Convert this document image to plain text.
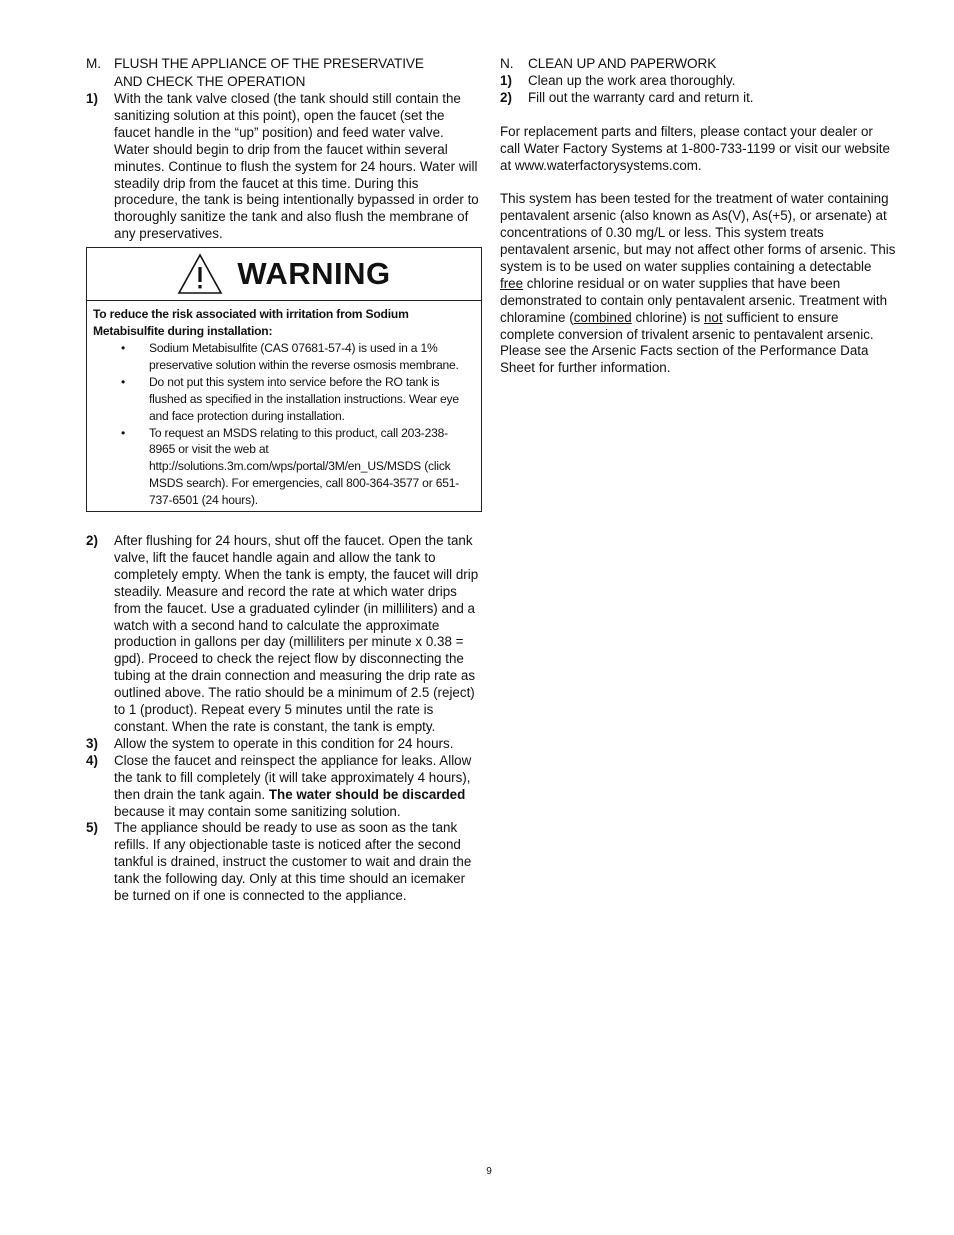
M. FLUSH THE APPLIANCE OF THE PRESERVATIVE
AND CHECK THE OPERATION
1) With the tank valve closed (the tank should still contain the sanitizing solution at this point), open the faucet (set the faucet handle in the “up” position) and feed water valve. Water should begin to drip from the faucet within several minutes. Continue to flush the system for 24 hours. Water will steadily drip from the faucet at this time. During this procedure, the tank is being intentionally bypassed in order to thoroughly sanitize the tank and also flush the membrane of any preservatives.
WARNING
To reduce the risk associated with irritation from Sodium Metabisulfite during installation:
• Sodium Metabisulfite (CAS 07681-57-4) is used in a 1% preservative solution within the reverse osmosis membrane.
• Do not put this system into service before the RO tank is flushed as specified in the installation instructions. Wear eye and face protection during installation.
• To request an MSDS relating to this product, call 203-238-8965 or visit the web at http://solutions.3m.com/wps/portal/3M/en_US/MSDS (click MSDS search). For emergencies, call 800-364-3577 or 651-737-6501 (24 hours).
2) After flushing for 24 hours, shut off the faucet. Open the tank valve, lift the faucet handle again and allow the tank to completely empty. When the tank is empty, the faucet will drip steadily. Measure and record the rate at which water drips from the faucet. Use a graduated cylinder (in milliliters) and a watch with a second hand to calculate the approximate production in gallons per day (milliliters per minute x 0.38 = gpd). Proceed to check the reject flow by disconnecting the tubing at the drain connection and measuring the drip rate as outlined above. The ratio should be a minimum of 2.5 (reject) to 1 (product). Repeat every 5 minutes until the rate is constant. When the rate is constant, the tank is empty.
3) Allow the system to operate in this condition for 24 hours.
4) Close the faucet and reinspect the appliance for leaks. Allow the tank to fill completely (it will take approximately 4 hours), then drain the tank again. The water should be discarded because it may contain some sanitizing solution.
5) The appliance should be ready to use as soon as the tank refills. If any objectionable taste is noticed after the second tankful is drained, instruct the customer to wait and drain the tank the following day. Only at this time should an icemaker be turned on if one is connected to the appliance.
N. CLEAN UP AND PAPERWORK
1) Clean up the work area thoroughly.
2) Fill out the warranty card and return it.
For replacement parts and filters, please contact your dealer or call Water Factory Systems at 1-800-733-1199 or visit our website at www.waterfactorysystems.com.
This system has been tested for the treatment of water containing pentavalent arsenic (also known as As(V), As(+5), or arsenate) at concentrations of 0.30 mg/L or less. This system treats pentavalent arsenic, but may not affect other forms of arsenic. This system is to be used on water supplies containing a detectable free chlorine residual or on water supplies that have been demonstrated to contain only pentavalent arsenic. Treatment with chloramine (combined chlorine) is not sufficient to ensure complete conversion of trivalent arsenic to pentavalent arsenic. Please see the Arsenic Facts section of the Performance Data Sheet for further information.
9
